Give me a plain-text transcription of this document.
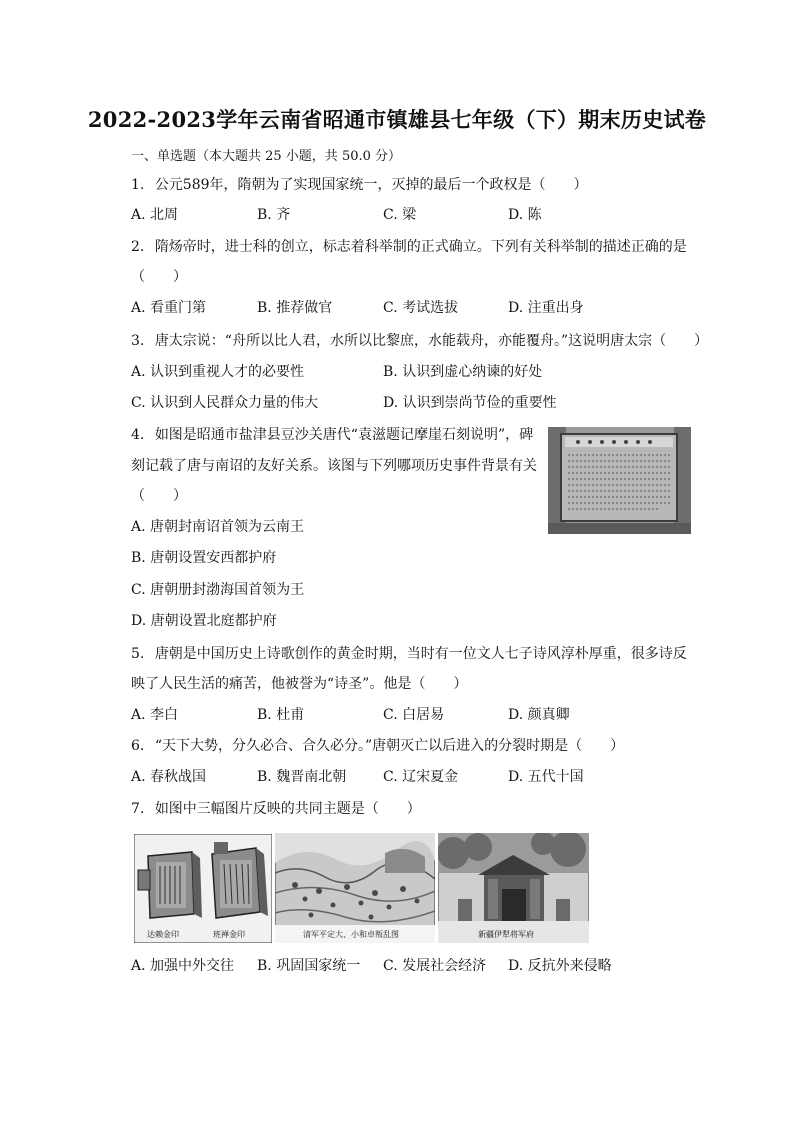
2022-2023学年云南省昭通市镇雄县七年级（下）期末历史试卷
一、单选题（本大题共 25 小题，共 50.0 分）
1. 公元589年，隋朝为了实现国家统一，灭掉的最后一个政权是（　　）
A. 北周	B. 齐	C. 梁	D. 陈
2. 隋炀帝时，进士科的创立，标志着科举制的正式确立。下列有关科举制的描述正确的是
（　　）
A. 看重门第	B. 推荐做官	C. 考试选拔	D. 注重出身
3. 唐太宗说：“舟所以比人君，水所以比黎庶，水能载舟，亦能覆舟。”这说明唐太宗（　　）
A. 认识到重视人才的必要性	B. 认识到虚心纳谏的好处
C. 认识到人民群众力量的伟大	D. 认识到崇尚节俭的重要性
4. 如图是昭通市盐津县豆沙关唐代“袁滋题记摩崖石刻说明”，碑
刻记载了唐与南诏的友好关系。该图与下列哪项历史事件背景有关
（　　）
A. 唐朝封南诏首领为云南王
B. 唐朝设置安西都护府
C. 唐朝册封渤海国首领为王
D. 唐朝设置北庭都护府
5. 唐朝是中国历史上诗歌创作的黄金时期，当时有一位文人七子诗风淳朴厚重，很多诗反
映了人民生活的痛苦，他被誉为“诗圣”。他是（　　）
A. 李白	B. 杜甫	C. 白居易	D. 颜真卿
6. “天下大势，分久必合、合久必分。”唐朝灭亡以后进入的分裂时期是（　　）
A. 春秋战国	B. 魏晋南北朝	C. 辽宋夏金	D. 五代十国
7. 如图中三幅图片反映的共同主题是（　　）
达赖金印	班禅金印	清军平定大、小和卓叛乱图	新疆伊犁将军府
A. 加强中外交往 B. 巩固国家统一 C. 发展社会经济 D. 反抗外来侵略
